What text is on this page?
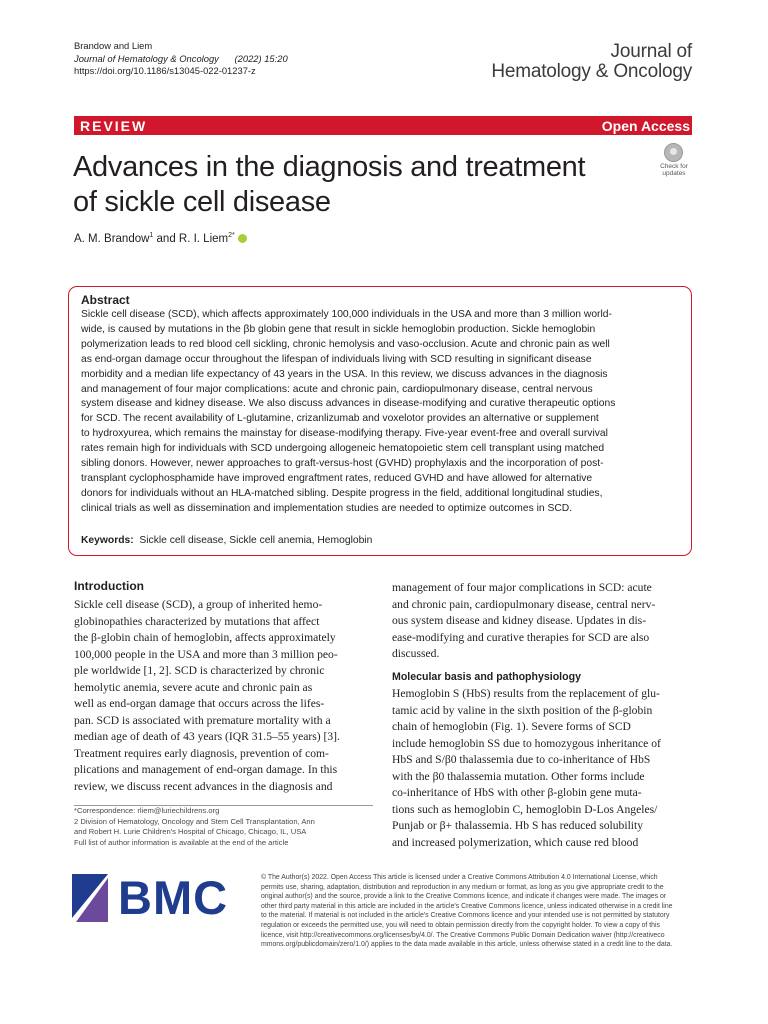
Brandow and Liem
Journal of Hematology & Oncology (2022) 15:20
https://doi.org/10.1186/s13045-022-01237-z
Journal of
Hematology & Oncology
REVIEW	Open Access
Advances in the diagnosis and treatment
of sickle cell disease
Check for
updates
A. M. Brandow$^1$ and R. I. Liem$^{2*}$
Abstract
Sickle cell disease (SCD), which affects approximately 100,000 individuals in the USA and more than 3 million world-
wide, is caused by mutations in the βb globin gene that result in sickle hemoglobin production. Sickle hemoglobin
polymerization leads to red blood cell sickling, chronic hemolysis and vaso-occlusion. Acute and chronic pain as well
as end-organ damage occur throughout the lifespan of individuals living with SCD resulting in significant disease
morbidity and a median life expectancy of 43 years in the USA. In this review, we discuss advances in the diagnosis
and management of four major complications: acute and chronic pain, cardiopulmonary disease, central nervous
system disease and kidney disease. We also discuss advances in disease-modifying and curative therapeutic options
for SCD. The recent availability of L-glutamine, crizanlizumab and voxelotor provides an alternative or supplement
to hydroxyurea, which remains the mainstay for disease-modifying therapy. Five-year event-free and overall survival
rates remain high for individuals with SCD undergoing allogeneic hematopoietic stem cell transplant using matched
sibling donors. However, newer approaches to graft-versus-host (GVHD) prophylaxis and the incorporation of post-
transplant cyclophosphamide have improved engraftment rates, reduced GVHD and have allowed for alternative
donors for individuals without an HLA-matched sibling. Despite progress in the field, additional longitudinal studies,
clinical trials as well as dissemination and implementation studies are needed to optimize outcomes in SCD.
Keywords: Sickle cell disease, Sickle cell anemia, Hemoglobin
Introduction
Sickle cell disease (SCD), a group of inherited hemo-
globinopathies characterized by mutations that affect
the β-globin chain of hemoglobin, affects approximately
100,000 people in the USA and more than 3 million peo-
ple worldwide [1, 2]. SCD is characterized by chronic
hemolytic anemia, severe acute and chronic pain as
well as end-organ damage that occurs across the lifes-
pan. SCD is associated with premature mortality with a
median age of death of 43 years (IQR 31.5–55 years) [3].
Treatment requires early diagnosis, prevention of com-
plications and management of end-organ damage. In this
review, we discuss recent advances in the diagnosis and
management of four major complications in SCD: acute
and chronic pain, cardiopulmonary disease, central nerv-
ous system disease and kidney disease. Updates in dis-
ease-modifying and curative therapies for SCD are also
discussed.
Molecular basis and pathophysiology
Hemoglobin S (HbS) results from the replacement of glu-
tamic acid by valine in the sixth position of the β-globin
chain of hemoglobin (Fig. 1). Severe forms of SCD
include hemoglobin SS due to homozygous inheritance of
HbS and S/β0 thalassemia due to co-inheritance of HbS
with the β0 thalassemia mutation. Other forms include
co-inheritance of HbS with other β-globin gene muta-
tions such as hemoglobin C, hemoglobin D-Los Angeles/
Punjab or β+ thalassemia. Hb S has reduced solubility
and increased polymerization, which cause red blood
*Correspondence: rliem@luriechildrens.org
2 Division of Hematology, Oncology and Stem Cell Transplantation, Ann
and Robert H. Lurie Children's Hospital of Chicago, Chicago, IL, USA
Full list of author information is available at the end of the article
BMC	© The Author(s) 2022. Open Access This article is licensed under a Creative Commons Attribution 4.0 International License, which
permits use, sharing, adaptation, distribution and reproduction in any medium or format, as long as you give appropriate credit to the
original author(s) and the source, provide a link to the Creative Commons licence, and indicate if changes were made. The images or
other third party material in this article are included in the article's Creative Commons licence, unless indicated otherwise in a credit line
to the material. If material is not included in the article's Creative Commons licence and your intended use is not permitted by statutory
regulation or exceeds the permitted use, you will need to obtain permission directly from the copyright holder. To view a copy of this
licence, visit http://creativecommons.org/licenses/by/4.0/. The Creative Commons Public Domain Dedication waiver (http://creativeco
mmons.org/publicdomain/zero/1.0/) applies to the data made available in this article, unless otherwise stated in a credit line to the data.
